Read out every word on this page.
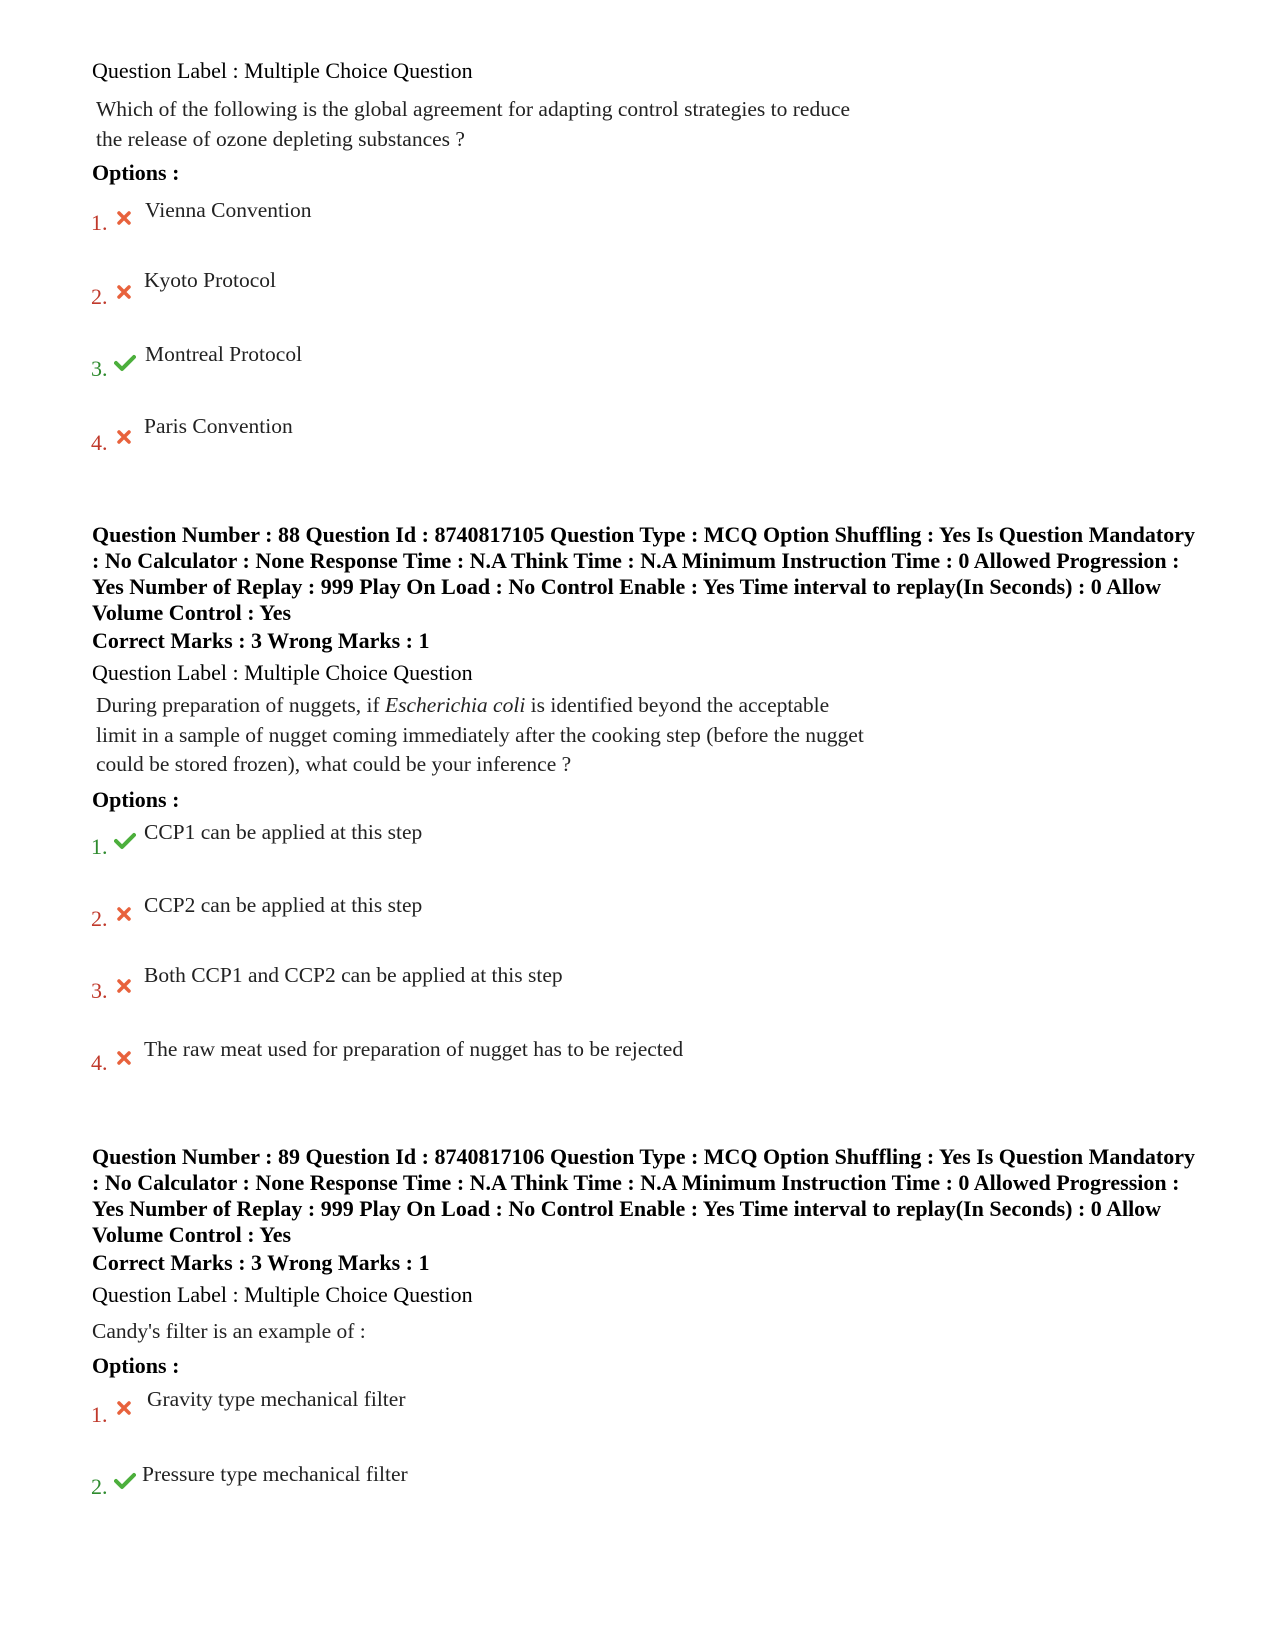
Question Label : Multiple Choice Question
Which of the following is the global agreement for adapting control strategies to reduce
the release of ozone depleting substances ?
Options :
1. Vienna Convention
2.
Kyoto Protocol
3.
Montreal Protocol
4.
Paris Convention
Question Number : 88 Question Id : 8740817105 Question Type : MCQ Option Shuffling : Yes Is Question Mandatory : No Calculator : None Response Time : N.A Think Time : N.A Minimum Instruction Time : 0 Allowed Progression : Yes Number of Replay : 999 Play On Load : No Control Enable : Yes Time interval to replay(In Seconds) : 0 Allow Volume Control : Yes
Correct Marks : 3 Wrong Marks : 1
Question Label : Multiple Choice Question
During preparation of nuggets, if Escherichia coli is identified beyond the acceptable
limit in a sample of nugget coming immediately after the cooking step (before the nugget
could be stored frozen), what could be your inference ?
Options :
1.
CCP1 can be applied at this step
2.
CCP2 can be applied at this step
3.
Both CCP1 and CCP2 can be applied at this step
4.
The raw meat used for preparation of nugget has to be rejected
Question Number : 89 Question Id : 8740817106 Question Type : MCQ Option Shuffling : Yes Is Question Mandatory : No Calculator : None Response Time : N.A Think Time : N.A Minimum Instruction Time : 0 Allowed Progression : Yes Number of Replay : 999 Play On Load : No Control Enable : Yes Time interval to replay(In Seconds) : 0 Allow Volume Control : Yes
Correct Marks : 3 Wrong Marks : 1
Question Label : Multiple Choice Question
Candy's filter is an example of :
Options :
1.
Gravity type mechanical filter
2. Pressure type mechanical filter
